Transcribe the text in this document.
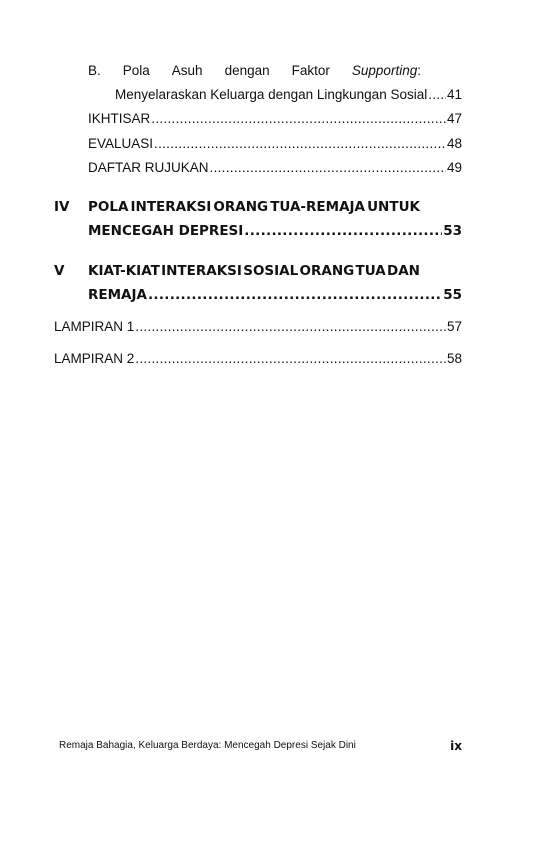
B. Pola Asuh dengan Faktor Supporting:
Menyelaraskan Keluarga dengan Lingkungan Sosial ..... 41
IKHTISAR .....	47
EVALUASI .....	48
DAFTAR RUJUKAN .....	49
IV POLA INTERAKSI ORANG TUA-REMAJA UNTUK
MENCEGAH DEPRESI .....	53
V KIAT-KIAT INTERAKSI SOSIAL ORANG TUA DAN
REMAJA .....	55
LAMPIRAN 1 .....	57
LAMPIRAN 2 .....	58
Remaja Bahagia, Keluarga Berdaya: Mencegah Depresi Sejak Dini	ix
